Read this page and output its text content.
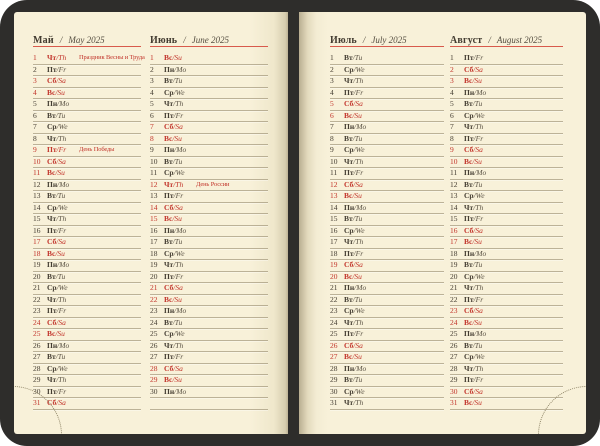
Май / May 2025
1	Чт/Th	Праздник Весны и Труда
2	Пт/Fr
3	Сб/Sa
4	Вс/Su
5	Пн/Mo
6	Вт/Tu
7	Ср/We
8	Чт/Th
9	Пт/Fr	День Победы
10 Сб/Sa
11 Вс/Su
12 Пн/Mo
13 Вт/Tu
14 Ср/We
15 Чт/Th
16 Пт/Fr
17 Сб/Sa
18 Вс/Su
19 Пн/Mo
20 Вт/Tu
21 Ср/We
22 Чт/Th
23 Пт/Fr
24 Сб/Sa
25 Вс/Su
26 Пн/Mo
27 Вт/Tu
28 Ср/We
29 Чт/Th
30 Пт/Fr
31 Сб/Sa
Июнь / June 2025
1	Вс/Su
2	Пн/Mo
3	Вт/Tu
4	Ср/We
5	Чт/Th
6	Пт/Fr
7	Сб/Sa
8	Вс/Su
9	Пн/Mo
10 Вт/Tu
11 Ср/We
12 Чт/Th	День России
13 Пт/Fr
14 Сб/Sa
15 Вс/Su
16 Пн/Mo
17 Вт/Tu
18 Ср/We
19 Чт/Th
20 Пт/Fr
21 Сб/Sa
22 Вс/Su
23 Пн/Mo
24 Вт/Tu
25 Ср/We
26 Чт/Th
27 Пт/Fr
28 Сб/Sa
29 Вс/Su
30 Пн/Mo
Июль / July 2025
1	Вт/Tu
2	Ср/We
3	Чт/Th
4	Пт/Fr
5	Сб/Sa
6	Вс/Su
7	Пн/Mo
8	Вт/Tu
9	Ср/We
10 Чт/Th
11 Пт/Fr
12 Сб/Sa
13 Вс/Su
14 Пн/Mo
15 Вт/Tu
16 Ср/We
17 Чт/Th
18 Пт/Fr
19 Сб/Sa
20 Вс/Su
21 Пн/Mo
22 Вт/Tu
23 Ср/We
24 Чт/Th
25 Пт/Fr
26 Сб/Sa
27 Вс/Su
28 Пн/Mo
29 Вт/Tu
30 Ср/We
31 Чт/Th
Август / August 2025
1	Пт/Fr
2	Сб/Sa
3	Вс/Su
4	Пн/Mo
5	Вт/Tu
6	Ср/We
7	Чт/Th
8	Пт/Fr
9	Сб/Sa
10 Вс/Su
11 Пн/Mo
12 Вт/Tu
13 Ср/We
14 Чт/Th
15 Пт/Fr
16 Сб/Sa
17 Вс/Su
18 Пн/Mo
19 Вт/Tu
20 Ср/We
21 Чт/Th
22 Пт/Fr
23 Сб/Sa
24 Вс/Su
25 Пн/Mo
26 Вт/Tu
27 Ср/We
28 Чт/Th
29 Пт/Fr
30 Сб/Sa
31 Вс/Su
